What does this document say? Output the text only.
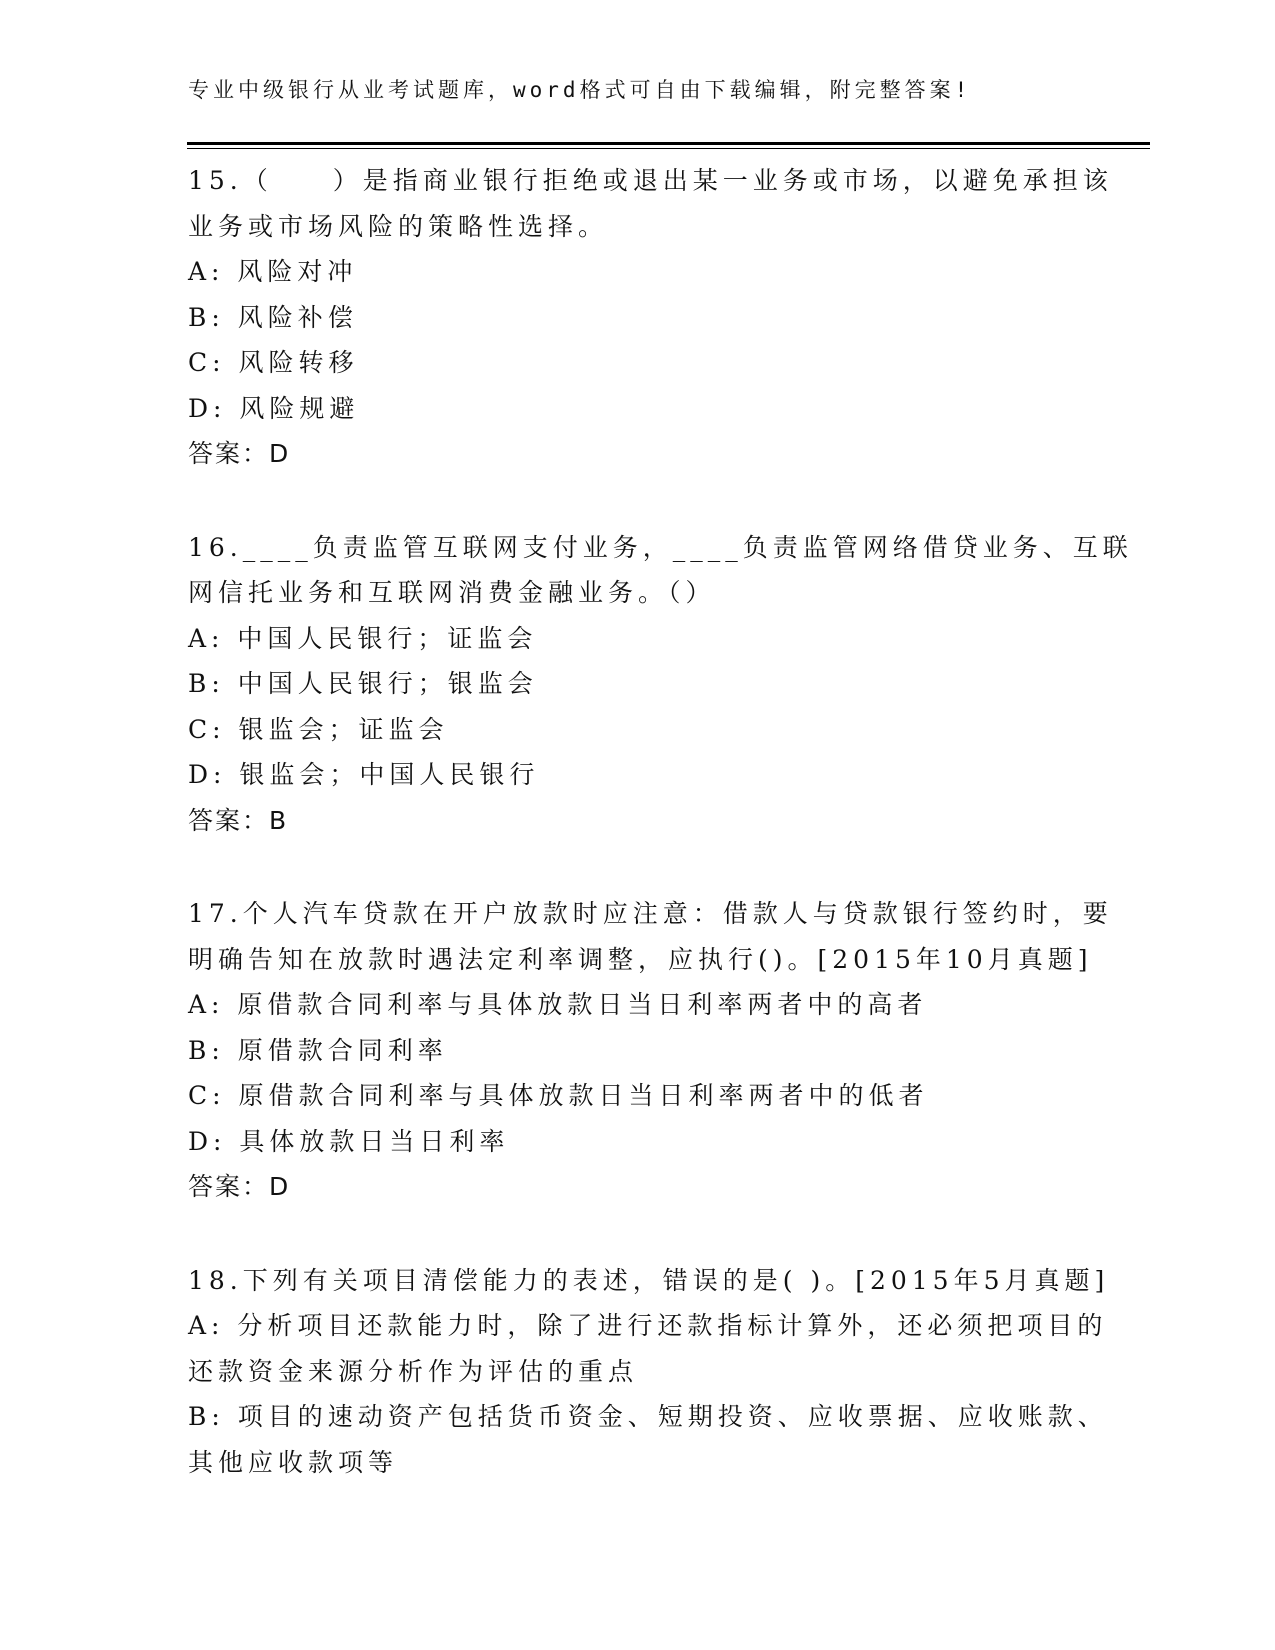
专业中级银行从业考试题库，word格式可自由下载编辑，附完整答案!
15.（　　）是指商业银行拒绝或退出某一业务或市场，以避免承担该
业务或市场风险的策略性选择。
A: 风险对冲
B: 风险补偿
C: 风险转移
D: 风险规避
答案：D
16.____负责监管互联网支付业务，____负责监管网络借贷业务、互联
网信托业务和互联网消费金融业务。（）
A: 中国人民银行；证监会
B: 中国人民银行；银监会
C: 银监会；证监会
D: 银监会；中国人民银行
答案：B
17.个人汽车贷款在开户放款时应注意：借款人与贷款银行签约时，要
明确告知在放款时遇法定利率调整，应执行()。[2015年10月真题]
A: 原借款合同利率与具体放款日当日利率两者中的高者
B: 原借款合同利率
C: 原借款合同利率与具体放款日当日利率两者中的低者
D: 具体放款日当日利率
答案：D
18.下列有关项目清偿能力的表述，错误的是( )。[2015年5月真题]
A: 分析项目还款能力时，除了进行还款指标计算外，还必须把项目的
还款资金来源分析作为评估的重点
B: 项目的速动资产包括货币资金、短期投资、应收票据、应收账款、
其他应收款项等
